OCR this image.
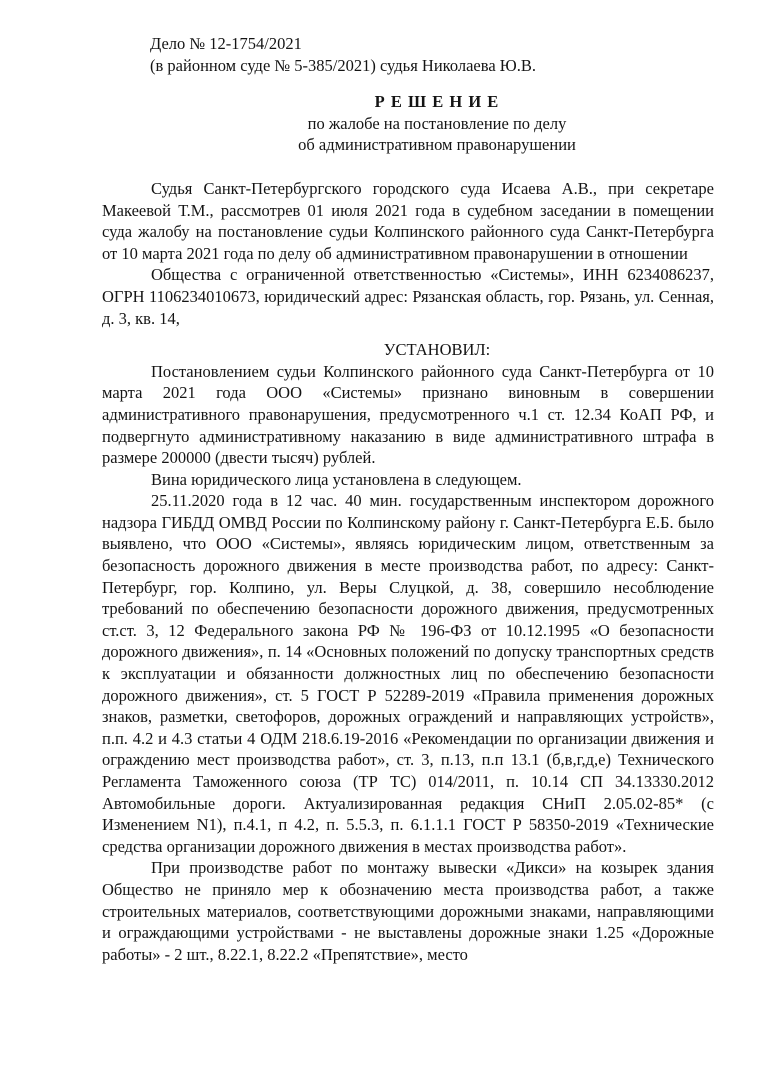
Дело № 12-1754/2021
(в районном суде № 5-385/2021) судья Николаева Ю.В.
Р Е Ш Е Н И Е
по жалобе на постановление по делу
об административном правонарушении

Судья Санкт-Петербургского городского суда Исаева А.В., при секретаре Макеевой Т.М., рассмотрев 01 июля 2021 года в судебном заседании в помещении суда жалобу на постановление судьи Колпинского районного суда Санкт-Петербурга от 10 марта 2021 года по делу об административном правонарушении в отношении

Общества с ограниченной ответственностью «Системы», ИНН 6234086237, ОГРН 1106234010673, юридический адрес: Рязанская область, гор. Рязань, ул. Сенная, д. 3, кв. 14,

УСТАНОВИЛ:

Постановлением судьи Колпинского районного суда Санкт-Петербурга от 10 марта 2021 года ООО «Системы» признано виновным в совершении административного правонарушения, предусмотренного ч.1 ст. 12.34 КоАП РФ, и подвергнуто административному наказанию в виде административного штрафа в размере 200000 (двести тысяч) рублей.

Вина юридического лица установлена в следующем.

25.11.2020 года в 12 час. 40 мин. государственным инспектором дорожного надзора ГИБДД ОМВД России по Колпинскому району г. Санкт-Петербурга Е.Б. было выявлено, что ООО «Системы», являясь юридическим лицом, ответственным за безопасность дорожного движения в месте производства работ, по адресу: Санкт-Петербург, гор. Колпино, ул. Веры Слуцкой, д. 38, совершило несоблюдение требований по обеспечению безопасности дорожного движения, предусмотренных ст.ст. 3, 12 Федерального закона РФ № 196-ФЗ от 10.12.1995 «О безопасности дорожного движения», п. 14 «Основных положений по допуску транспортных средств к эксплуатации и обязанности должностных лиц по обеспечению безопасности дорожного движения», ст. 5 ГОСТ Р 52289-2019 «Правила применения дорожных знаков, разметки, светофоров, дорожных ограждений и направляющих устройств», п.п. 4.2 и 4.3 статьи 4 ОДМ 218.6.19-2016 «Рекомендации по организации движения и ограждению мест производства работ», ст. 3, п.13, п.п 13.1 (б,в,г,д,е) Технического Регламента Таможенного союза (ТР ТС) 014/2011, п. 10.14 СП 34.13330.2012 Автомобильные дороги. Актуализированная редакция СНиП 2.05.02-85* (с Изменением N1), п.4.1, п 4.2, п. 5.5.3, п. 6.1.1.1 ГОСТ Р 58350-2019 «Технические средства организации дорожного движения в местах производства работ».

При производстве работ по монтажу вывески «Дикси» на козырек здания Общество не приняло мер к обозначению места производства работ, а также строительных материалов, соответствующими дорожными знаками, направляющими и ограждающими устройствами - не выставлены дорожные знаки 1.25 «Дорожные работы» - 2 шт., 8.22.1, 8.22.2 «Препятствие», место
